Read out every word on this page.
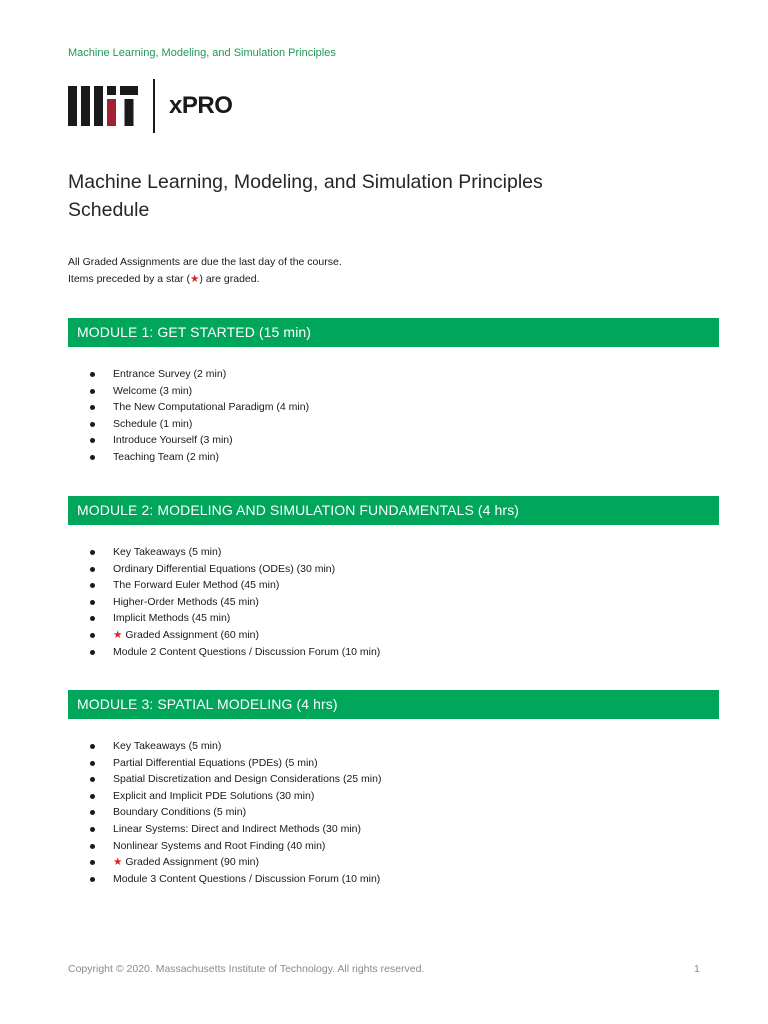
Machine Learning, Modeling, and Simulation Principles
xPRO
Machine Learning, Modeling, and Simulation Principles
Schedule
All Graded Assignments are due the last day of the course.
Items preceded by a star (★) are graded.
MODULE 1: GET STARTED (15 min)
Entrance Survey (2 min)
Welcome (3 min)
The New Computational Paradigm (4 min)
Schedule (1 min)
Introduce Yourself (3 min)
Teaching Team (2 min)
MODULE 2: MODELING AND SIMULATION FUNDAMENTALS (4 hrs)
Key Takeaways (5 min)
Ordinary Differential Equations (ODEs) (30 min)
The Forward Euler Method (45 min)
Higher-Order Methods (45 min)
Implicit Methods (45 min)
★ Graded Assignment (60 min)
Module 2 Content Questions / Discussion Forum (10 min)
MODULE 3: SPATIAL MODELING (4 hrs)
Key Takeaways (5 min)
Partial Differential Equations (PDEs) (5 min)
Spatial Discretization and Design Considerations (25 min)
Explicit and Implicit PDE Solutions (30 min)
Boundary Conditions (5 min)
Linear Systems: Direct and Indirect Methods (30 min)
Nonlinear Systems and Root Finding (40 min)
★ Graded Assignment (90 min)
Module 3 Content Questions / Discussion Forum (10 min)
Copyright © 2020. Massachusetts Institute of Technology. All rights reserved.	1
